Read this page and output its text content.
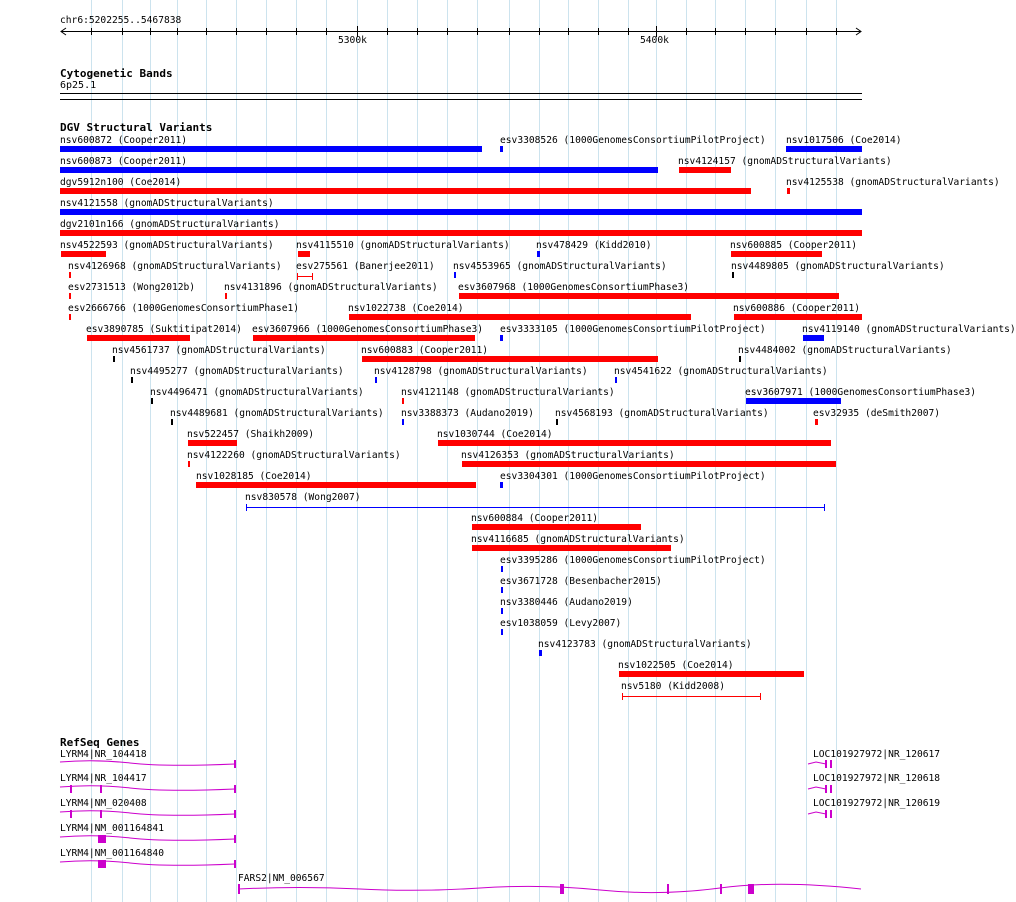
chr6:5202255..5467838
5300k	5400k
Cytogenetic Bands
6p25.1
DGV Structural Variants
nsv600872 (Cooper2011)	esv3308526 (1000GenomesConsortiumPilotProject) nsv1017506 (Coe2014)
nsv600873 (Cooper2011)	nsv4124157 (gnomADStructuralVariants)
dgv5912n100 (Coe2014)	nsv4125538 (gnomADStructuralVariants)
nsv4121558 (gnomADStructuralVariants)
dgv2101n166 (gnomADStructuralVariants)
nsv4522593 (gnomADStructuralVariants) nsv4115510 (gnomADStructuralVariants)	nsv478429 (Kidd2010)	nsv600885 (Cooper2011)
nsv4126968 (gnomADStructuralVariants) esv275561 (Banerjee2011) nsv4553965 (gnomADStructuralVariants)	nsv4489805 (gnomADStructuralVariants)
esv2731513 (Wong2012b)	nsv4131896 (gnomADStructuralVariants) esv3607968 (1000GenomesConsortiumPhase3)
esv2666766 (1000GenomesConsortiumPhase1)	nsv1022738 (Coe2014)	nsv600886 (Cooper2011)
esv3890785 (Suktitipat2014) esv3607966 (1000GenomesConsortiumPhase3) esv3333105 (1000GenomesConsortiumPilotProject)	nsv4119140 (gnomADStructuralVariants)
nsv4561737 (gnomADStructuralVariants)	nsv600883 (Cooper2011)	nsv4484002 (gnomADStructuralVariants)
nsv4495277 (gnomADStructuralVariants)	nsv4128798 (gnomADStructuralVariants)	nsv4541622 (gnomADStructuralVariants)
nsv4496471 (gnomADStructuralVariants)	nsv4121148 (gnomADStructuralVariants)	esv3607971 (1000GenomesConsortiumPhase3)
nsv4489681 (gnomADStructuralVariants) nsv3388373 (Audano2019) nsv4568193 (gnomADStructuralVariants)	esv32935 (deSmith2007)
nsv522457 (Shaikh2009)	nsv1030744 (Coe2014)
nsv4122260 (gnomADStructuralVariants)	nsv4126353 (gnomADStructuralVariants)
nsv1028185 (Coe2014)	esv3304301 (1000GenomesConsortiumPilotProject)
nsv830578 (Wong2007)
nsv600884 (Cooper2011)
nsv4116685 (gnomADStructuralVariants)
esv3395286 (1000GenomesConsortiumPilotProject)
esv3671728 (Besenbacher2015)
nsv3380446 (Audano2019)
esv1038059 (Levy2007)
nsv4123783 (gnomADStructuralVariants)
nsv1022505 (Coe2014)
nsv5180 (Kidd2008)
RefSeq Genes
LYRM4|NR_104418
LYRM4|NR_104417
LYRM4|NM_020408
LYRM4|NM_001164841
LYRM4|NM_001164840
FARS2|NM_006567
LOC101927972|NR_120617
LOC101927972|NR_120618
LOC101927972|NR_120619
